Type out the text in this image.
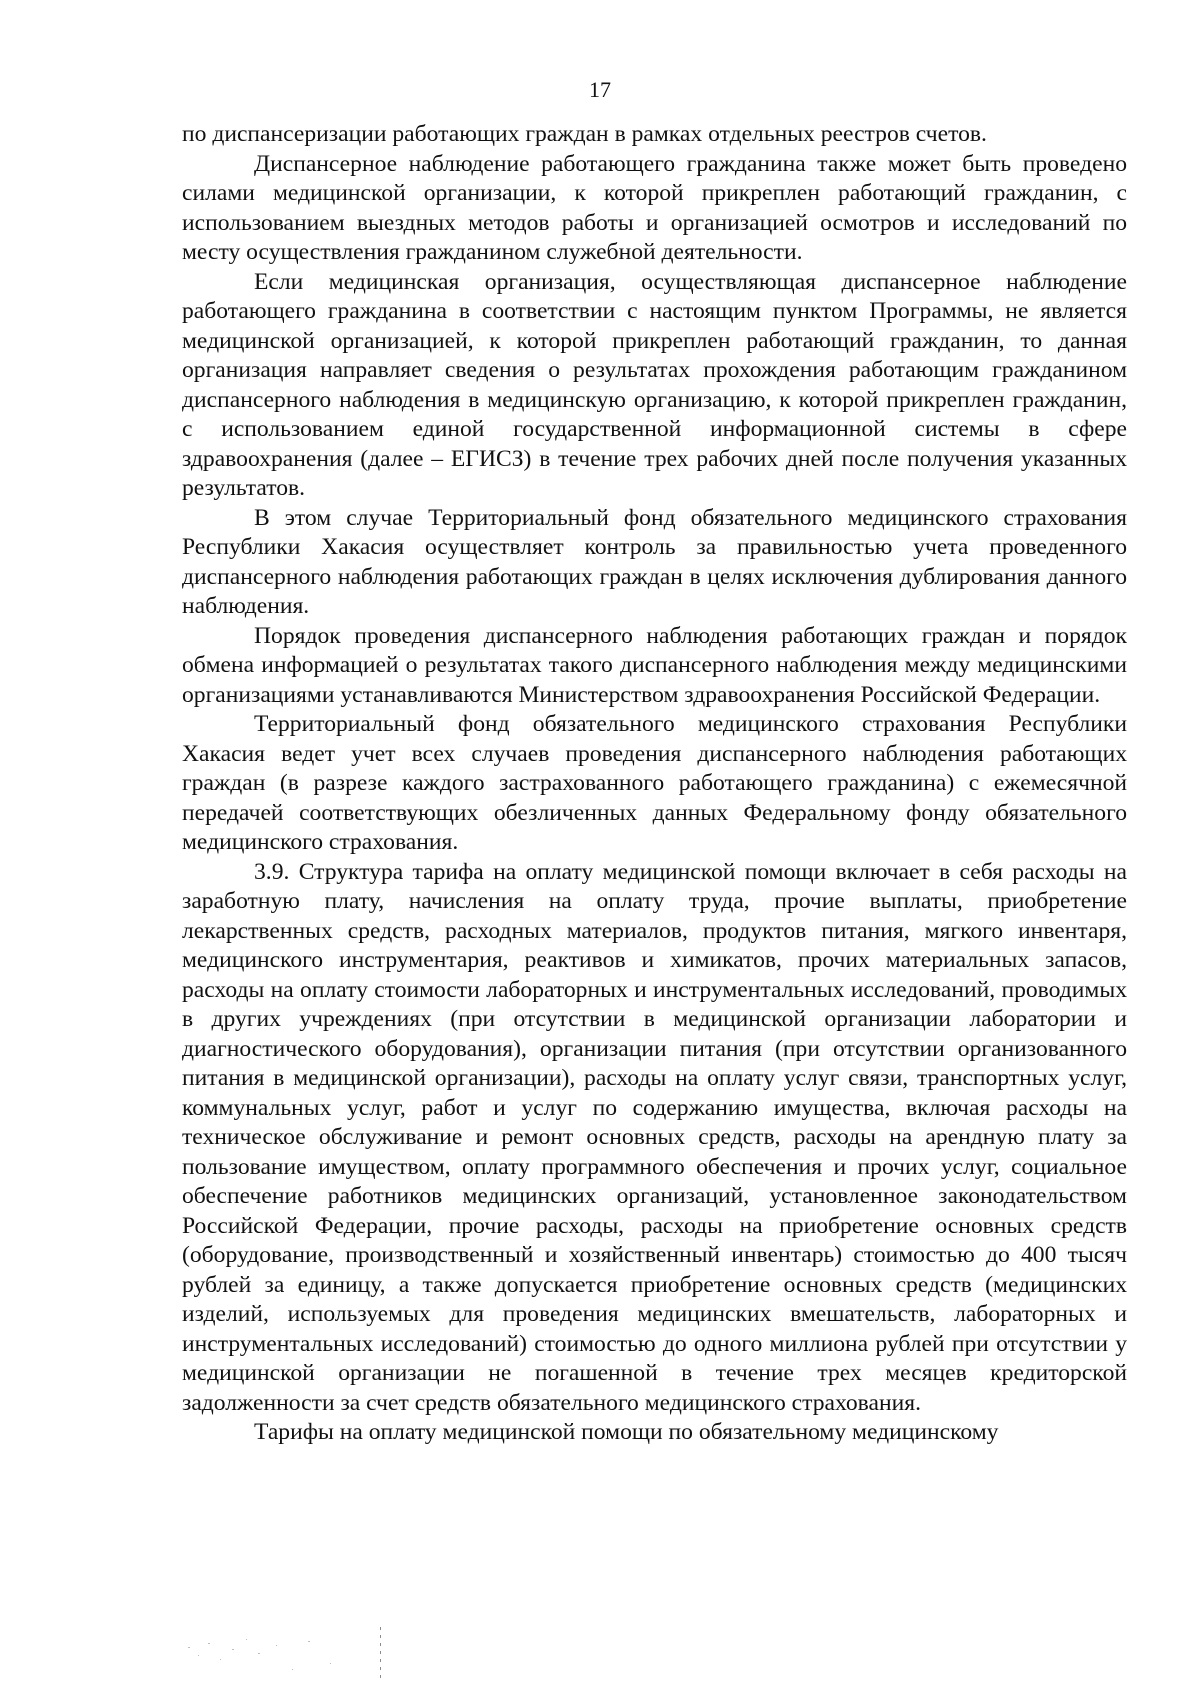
17

по диспансеризации работающих граждан в рамках отдельных реестров счетов.

Диспансерное наблюдение работающего гражданина также может быть проведено силами медицинской организации, к которой прикреплен работающий гражданин, с использованием выездных методов работы и организацией осмотров и исследований по месту осуществления гражданином служебной деятельности.

Если медицинская организация, осуществляющая диспансерное наблюдение работающего гражданина в соответствии с настоящим пунктом Программы, не является медицинской организацией, к которой прикреплен работающий гражданин, то данная организация направляет сведения о результатах прохождения работающим гражданином диспансерного наблюдения в медицинскую организацию, к которой прикреплен гражданин, с использованием единой государственной информационной системы в сфере здравоохранения (далее – ЕГИСЗ) в течение трех рабочих дней после получения указанных результатов.

В этом случае Территориальный фонд обязательного медицинского страхования Республики Хакасия осуществляет контроль за правильностью учета проведенного диспансерного наблюдения работающих граждан в целях исключения дублирования данного наблюдения.

Порядок проведения диспансерного наблюдения работающих граждан и порядок обмена информацией о результатах такого диспансерного наблюдения между медицинскими организациями устанавливаются Министерством здравоохранения Российской Федерации.

Территориальный фонд обязательного медицинского страхования Республики Хакасия ведет учет всех случаев проведения диспансерного наблюдения работающих граждан (в разрезе каждого застрахованного работающего гражданина) с ежемесячной передачей соответствующих обезличенных данных Федеральному фонду обязательного медицинского страхования.

3.9. Структура тарифа на оплату медицинской помощи включает в себя расходы на заработную плату, начисления на оплату труда, прочие выплаты, приобретение лекарственных средств, расходных материалов, продуктов питания, мягкого инвентаря, медицинского инструментария, реактивов и химикатов, прочих материальных запасов, расходы на оплату стоимости лабораторных и инструментальных исследований, проводимых в других учреждениях (при отсутствии в медицинской организации лаборатории и диагностического оборудования), организации питания (при отсутствии организованного питания в медицинской организации), расходы на оплату услуг связи, транспортных услуг, коммунальных услуг, работ и услуг по содержанию имущества, включая расходы на техническое обслуживание и ремонт основных средств, расходы на арендную плату за пользование имуществом, оплату программного обеспечения и прочих услуг, социальное обеспечение работников медицинских организаций, установленное законодательством Российской Федерации, прочие расходы, расходы на приобретение основных средств (оборудование, производственный и хозяйственный инвентарь) стоимостью до 400 тысяч рублей за единицу, а также допускается приобретение основных средств (медицинских изделий, используемых для проведения медицинских вмешательств, лабораторных и инструментальных исследований) стоимостью до одного миллиона рублей при отсутствии у медицинской организации не погашенной в течение трех месяцев кредиторской задолженности за счет средств обязательного медицинского страхования.

Тарифы на оплату медицинской помощи по обязательному медицинскому
